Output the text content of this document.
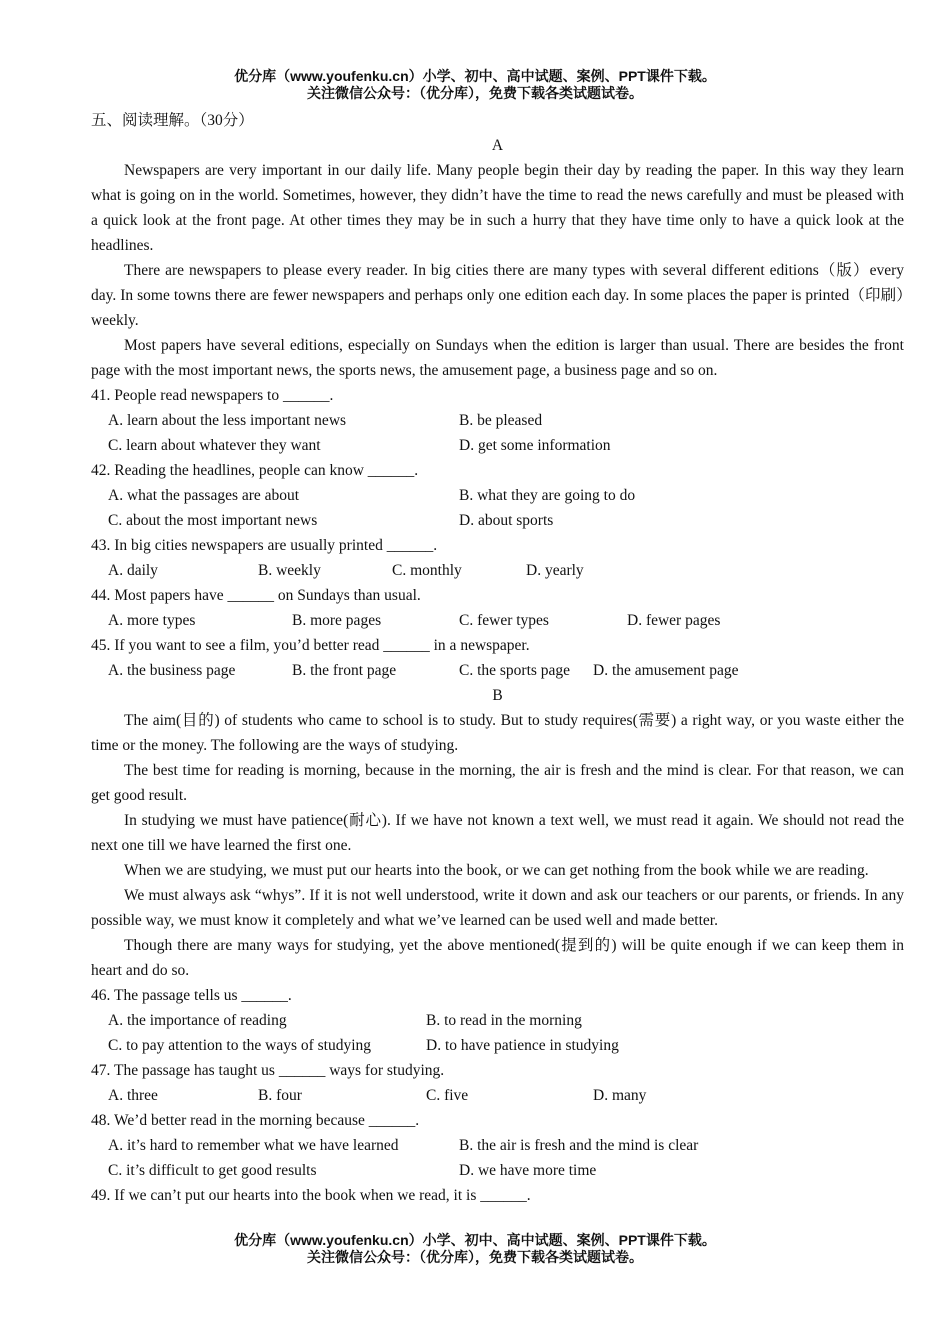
优分库（www.youfenku.cn）小学、初中、高中试题、案例、PPT课件下载。
关注微信公众号：（优分库），免费下载各类试题试卷。
五、阅读理解。（30分）
A

Newspapers are very important in our daily life. Many people begin their day by reading the paper. In this way they learn what is going on in the world. Sometimes, however, they didn’t have the time to read the news carefully and must be pleased with a quick look at the front page. At other times they may be in such a hurry that they have time only to have a quick look at the headlines.

There are newspapers to please every reader. In big cities there are many types with several different editions（版）every day. In some towns there are fewer newspapers and perhaps only one edition each day. In some places the paper is printed（印刷）weekly.

Most papers have several editions, especially on Sundays when the edition is larger than usual. There are besides the front page with the most important news, the sports news, the amusement page, a business page and so on.

41. People read newspapers to ______.
A. learn about the less important news	B. be pleased
C. learn about whatever they want	D. get some information
42. Reading the headlines, people can know ______.
A. what the passages are about	B. what they are going to do
C. about the most important news	D. about sports
43. In big cities newspapers are usually printed ______.
A. daily	B. weekly	C. monthly	D. yearly
44. Most papers have ______ on Sundays than usual.
A. more types	B. more pages	C. fewer types	D. fewer pages
45. If you want to see a film, you’d better read ______ in a newspaper.
A. the business page	B. the front page	C. the sports page D. the amusement page
B

The aim(目的) of students who came to school is to study. But to study requires(需要) a right way, or you waste either the time or the money. The following are the ways of studying.

The best time for reading is morning, because in the morning, the air is fresh and the mind is clear. For that reason, we can get good result.

In studying we must have patience(耐心). If we have not known a text well, we must read it again. We should not read the next one till we have learned the first one.

When we are studying, we must put our hearts into the book, or we can get nothing from the book while we are reading.

We must always ask “whys”. If it is not well understood, write it down and ask our teachers or our parents, or friends. In any possible way, we must know it completely and what we’ve learned can be used well and made better.

Though there are many ways for studying, yet the above mentioned(提到的) will be quite enough if we can keep them in heart and do so.

46. The passage tells us ______.
A. the importance of reading	B. to read in the morning
C. to pay attention to the ways of studying	D. to have patience in studying
47. The passage has taught us ______ ways for studying.
A. three	B. four	C. five	D. many
48. We’d better read in the morning because ______.
A. it’s hard to remember what we have learned	B. the air is fresh and the mind is clear
C. it’s difficult to get good results	D. we have more time
49. If we can’t put our hearts into the book when we read, it is ______.
优分库（www.youfenku.cn）小学、初中、高中试题、案例、PPT课件下载。
关注微信公众号：（优分库），免费下载各类试题试卷。
